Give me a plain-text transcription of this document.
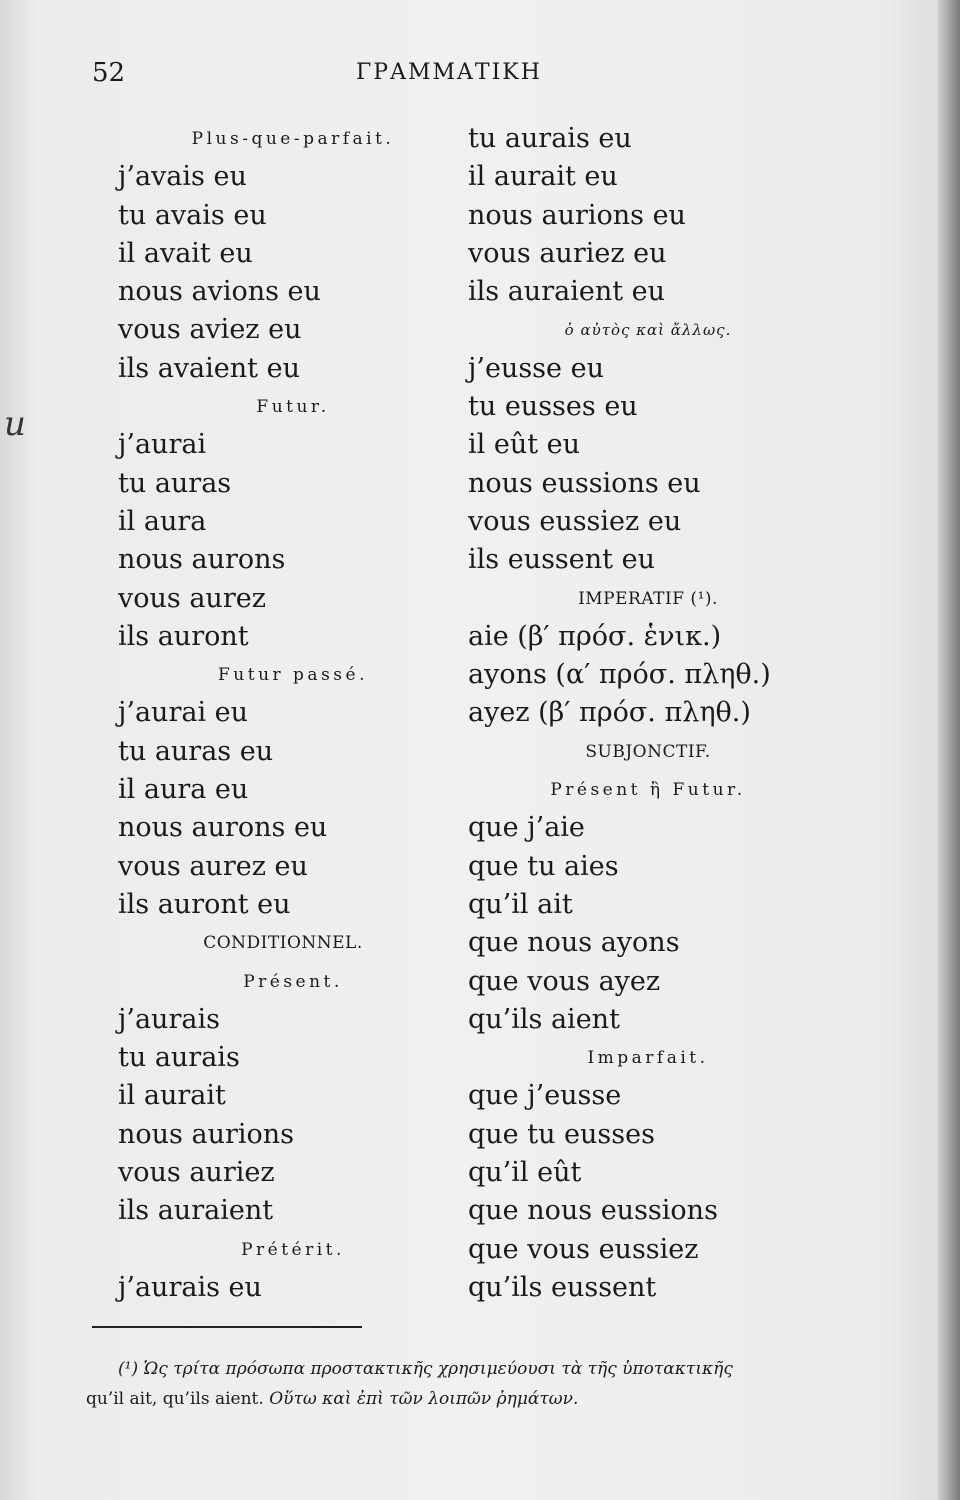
52	ΓΡΑΜΜΑΤΙΚΗ
u
Plus-que-parfait.
j’avais eu
tu avais eu
il avait eu
nous avions eu
vous aviez eu
ils avaient eu
Futur.
j’aurai
tu auras
il aura
nous aurons
vous aurez
ils auront
Futur passé.
j’aurai eu
tu auras eu
il aura eu
nous aurons eu
vous aurez eu
ils auront eu
CONDITIONNEL.
Présent.
j’aurais
tu aurais
il aurait
nous aurions
vous auriez
ils auraient
Prétérit.
j’aurais eu
tu aurais eu
il aurait eu
nous aurions eu
vous auriez eu
ils auraient eu
ὁ αὐτὸς καὶ ἄλλως.
j’eusse eu
tu eusses eu
il eût eu
nous eussions eu
vous eussiez eu
ils eussent eu
IMPERATIF (¹).
aie (β′ πρόσ. ἑνικ.)
ayons (α′ πρόσ. πληθ.)
ayez (β′ πρόσ. πληθ.)
SUBJONCTIF.
Présent ἢ Futur.
que j’aie
que tu aies
qu’il ait
que nous ayons
que vous ayez
qu’ils aient
Imparfait.
que j’eusse
que tu eusses
qu’il eût
que nous eussions
que vous eussiez
qu’ils eussent
(¹) Ὡς τρίτα πρόσωπα προστακτικῆς χρησιμεύουσι τὰ τῆς ὑποτακτικῆς
qu’il ait, qu’ils aient. Οὕτω καὶ ἐπὶ τῶν λοιπῶν ῥημάτων.
